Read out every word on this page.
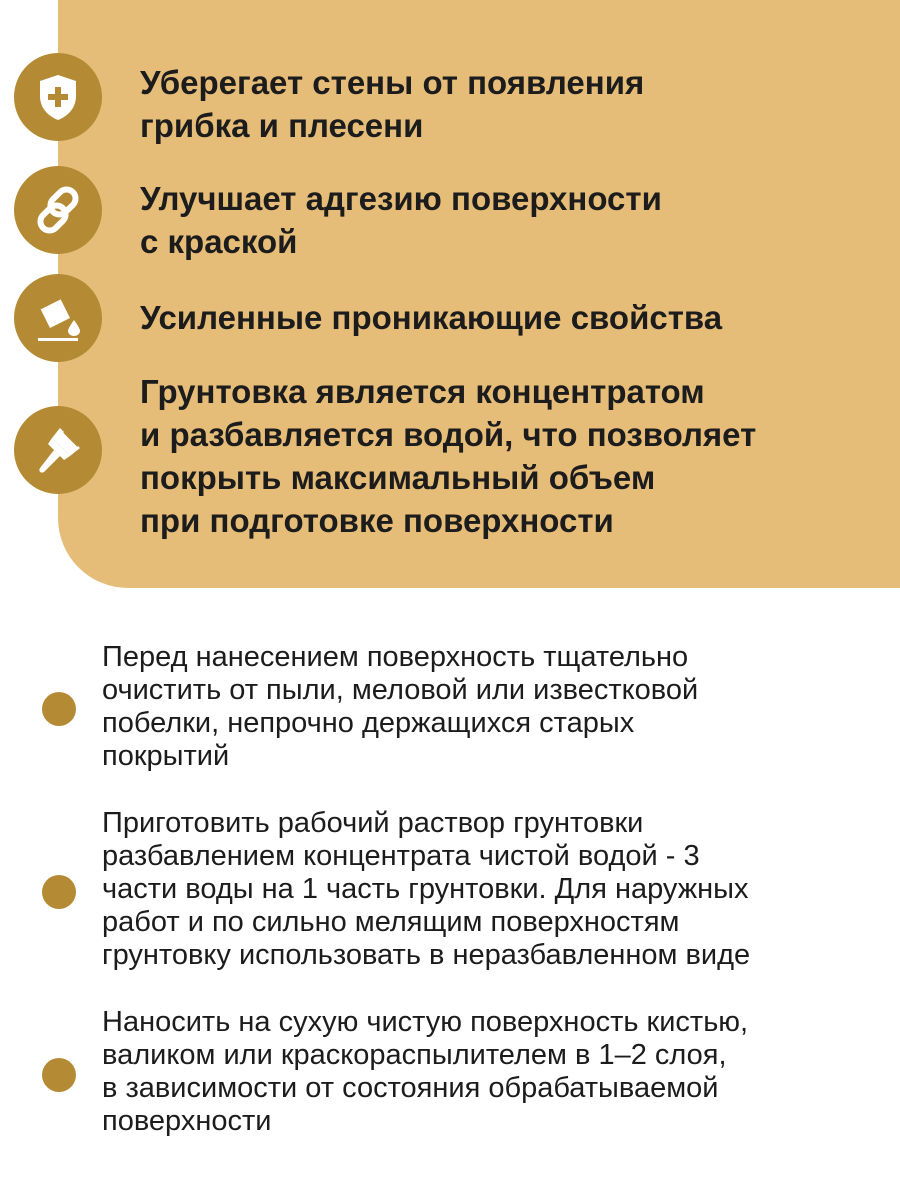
Уберегает стены от появления
грибка и плесени
Улучшает адгезию поверхности
с краской
Усиленные проникающие свойства
Грунтовка является концентратом
и разбавляется водой, что позволяет
покрыть максимальный объем
при подготовке поверхности
Перед нанесением поверхность тщательно
очистить от пыли, меловой или известковой
побелки, непрочно держащихся старых
покрытий
Приготовить рабочий раствор грунтовки
разбавлением концентрата чистой водой - 3
части воды на 1 часть грунтовки. Для наружных
работ и по сильно мелящим поверхностям
грунтовку использовать в неразбавленном виде
Наносить на сухую чистую поверхность кистью,
валиком или краскораспылителем в 1–2 слоя,
в зависимости от состояния обрабатываемой
поверхности
